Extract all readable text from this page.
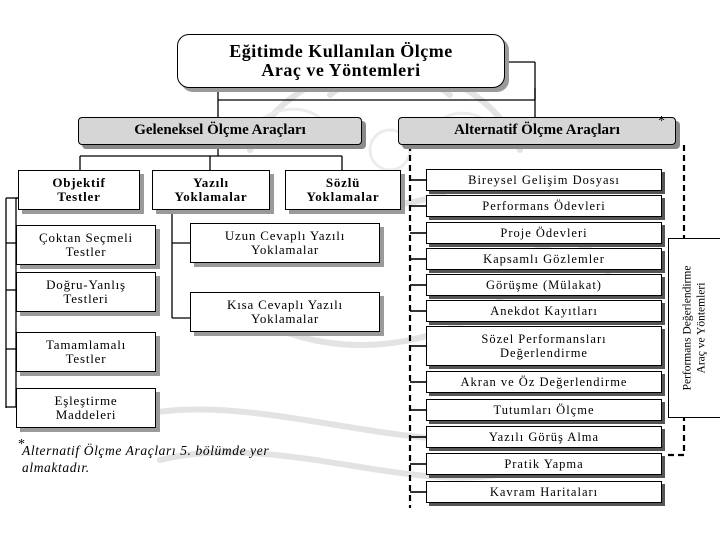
Eğitimde Kullanılan Ölçme
Araç ve Yöntemleri
Geleneksel Ölçme Araçları	Alternatif Ölçme Araçları
*
Objektif
Testler
Yazılı
Yoklamalar
Sözlü
Yoklamalar
Çoktan Seçmeli
Testler
Doğru-Yanlış
Testleri
Tamamlamalı
Testler
Eşleştirme
Maddeleri
Uzun Cevaplı Yazılı
Yoklamalar
Kısa Cevaplı Yazılı
Yoklamalar
Bireysel Gelişim Dosyası
Performans Ödevleri
Proje Ödevleri
Kapsamlı Gözlemler
Görüşme (Mülakat)
Anekdot Kayıtları
Sözel Performansları
Değerlendirme
Akran ve Öz Değerlendirme
Tutumları Ölçme
Yazılı Görüş Alma
Pratik Yapma
Kavram Haritaları
Performans Değerlendirme Araç ve Yöntemleri
*
Alternatif Ölçme Araçları 5. bölümde yer
almaktadır.
